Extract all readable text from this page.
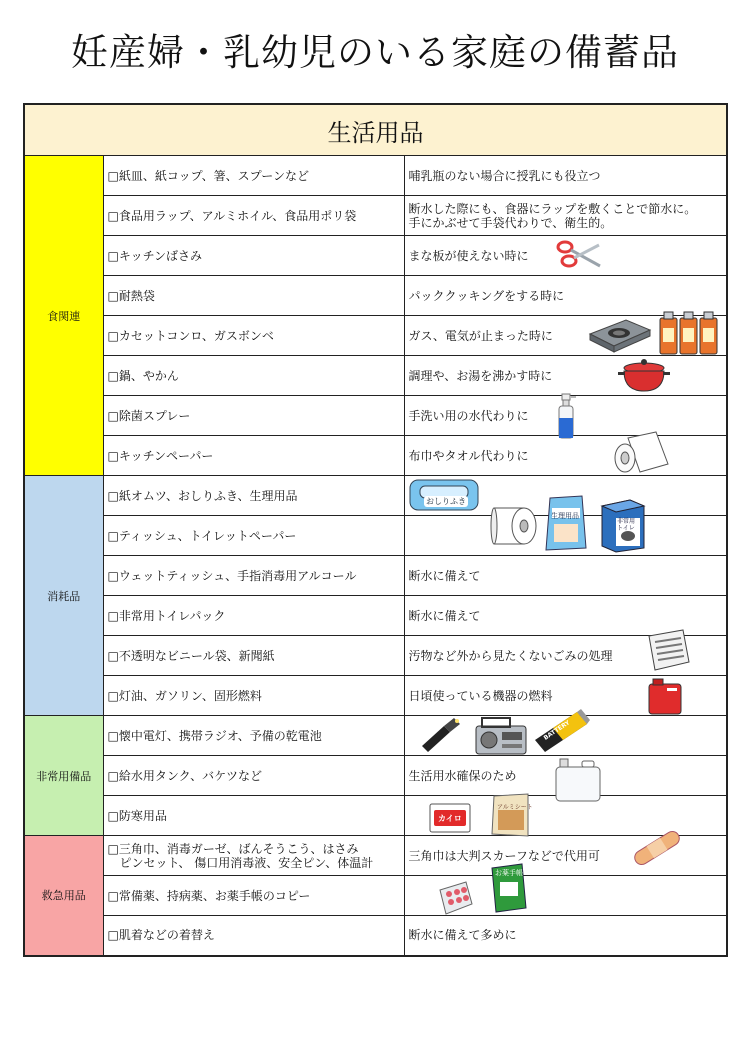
妊産婦・乳幼児のいる家庭の備蓄品
生活用品		
食関連	□紙皿、紙コップ、箸、スプーンなど	哺乳瓶のない場合に授乳にも役立つ
	□食品用ラップ、アルミホイル、食品用ポリ袋	断水した際にも、食器にラップを敷くことで節水に。
手にかぶせて手袋代わりで、衛生的。
	□キッチンばさみ	まな板が使えない時に
	□耐熱袋	パッククッキングをする時に
	□カセットコンロ、ガスボンベ	ガス、電気が止まった時に
	□鍋、やかん	調理や、お湯を沸かす時に
	□除菌スプレー	手洗い用の水代わりに
	□キッチンペーパー	布巾やタオル代わりに
消耗品	□紙オムツ、おしりふき、生理用品	
	□ティッシュ、トイレットペーパー	
	□ウェットティッシュ、手指消毒用アルコール	断水に備えて
	□非常用トイレパック	断水に備えて
	□不透明なビニール袋、新聞紙	汚物など外から見たくないごみの処理
	□灯油、ガソリン、固形燃料	日頃使っている機器の燃料
非常用備品	□懐中電灯、携帯ラジオ、予備の乾電池	
	□給水用タンク、バケツなど	生活用水確保のため
	□防寒用品	
救急用品	□三角巾、消毒ガーゼ、ばんそうこう、はさみ
　ピンセット、 傷口用消毒液、安全ピン、体温計	三角巾は大判スカーフなどで代用可
	□常備薬、持病薬、お薬手帳のコピー	
	□肌着などの着替え	断水に備えて多めに
おしりふき
生理用品
非常用トイレ
BATTERY
カイロ
アルミシート
お薬手帳
